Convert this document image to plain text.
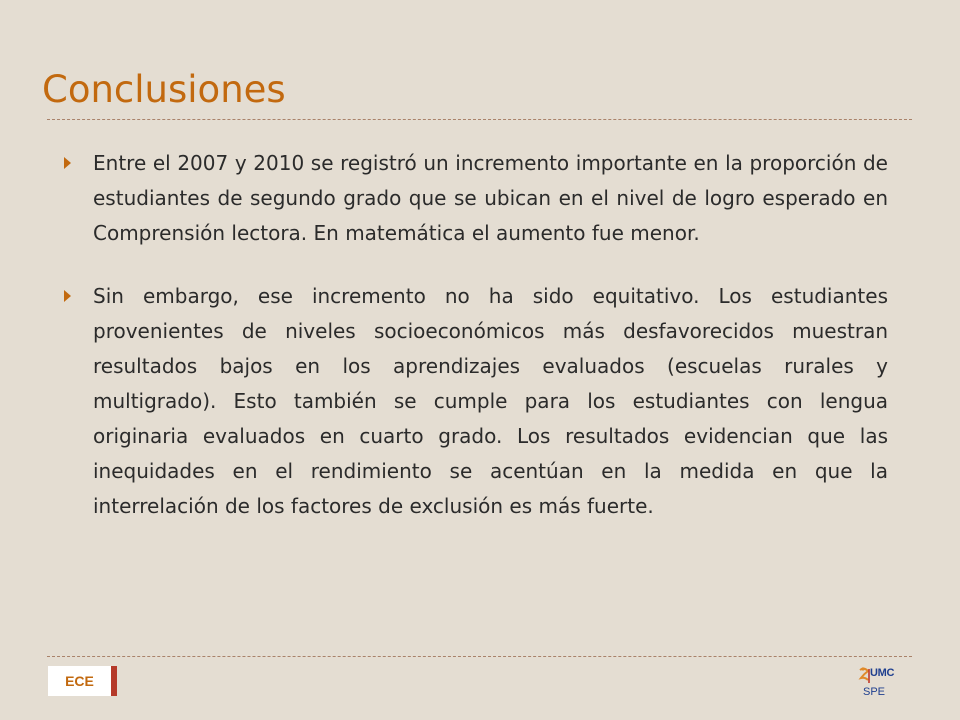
Conclusiones
Entre el 2007 y 2010 se registró un incremento importante en la proporción de estudiantes de segundo grado que se ubican en el nivel de logro esperado en Comprensión lectora. En matemática el aumento fue menor.
Sin embargo, ese incremento no ha sido equitativo. Los estudiantes provenientes de niveles socioeconómicos más desfavorecidos muestran resultados bajos en los aprendizajes evaluados (escuelas rurales y multigrado). Esto también se cumple para los estudiantes con lengua originaria evaluados en cuarto grado. Los resultados evidencian que las inequidades en el rendimiento se acentúan en la medida en que la interrelación de los factores de exclusión es más fuerte.
ECE	UMC
SPE
